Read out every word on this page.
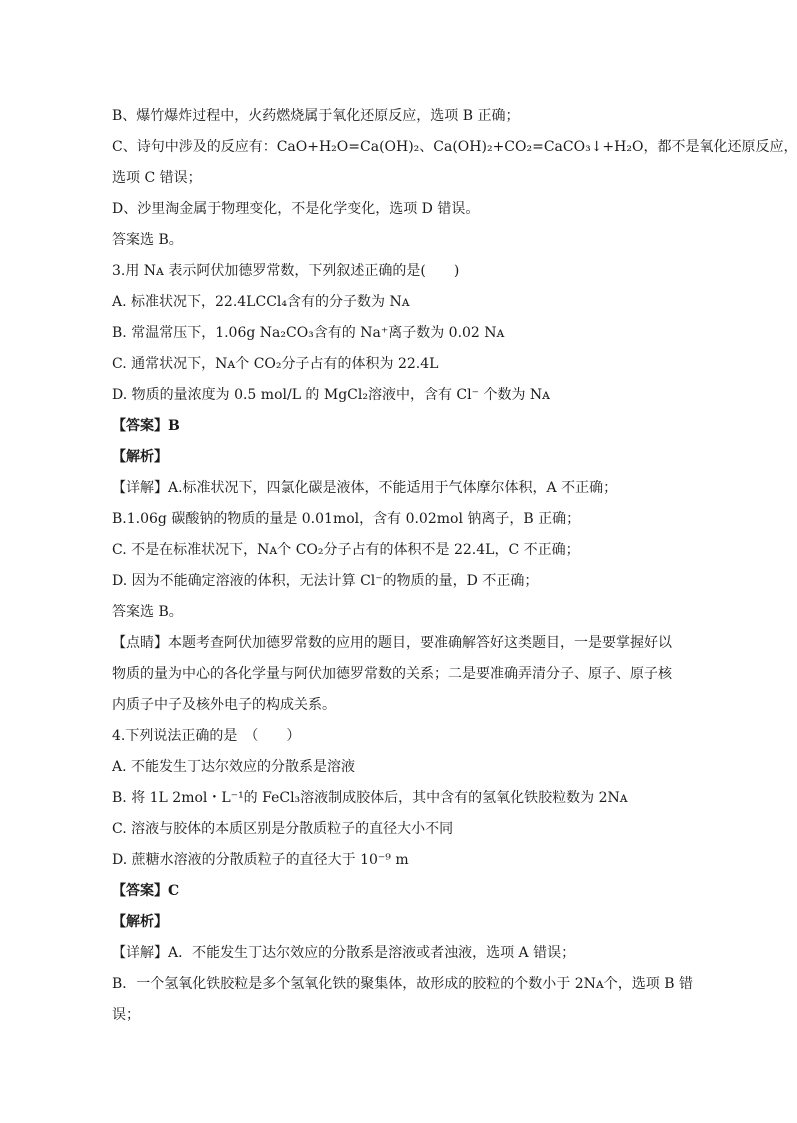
B、爆竹爆炸过程中，火药燃烧属于氧化还原反应，选项 B 正确；
C、诗句中涉及的反应有：CaO+H₂O=Ca(OH)₂、Ca(OH)₂+CO₂=CaCO₃↓+H₂O，都不是氧化还原反应，
选项 C 错误；
D、沙里淘金属于物理变化，不是化学变化，选项 D 错误。
答案选 B。
3.用 Nᴀ 表示阿伏加德罗常数，下列叙述正确的是(　　)
A. 标准状况下，22.4LCCl₄含有的分子数为 Nᴀ
B. 常温常压下，1.06g Na₂CO₃含有的 Na⁺离子数为 0.02 Nᴀ
C. 通常状况下，Nᴀ个 CO₂分子占有的体积为 22.4L
D. 物质的量浓度为 0.5 mol/L 的 MgCl₂溶液中，含有 Cl⁻ 个数为 Nᴀ
【答案】B
【解析】
【详解】A.标准状况下，四氯化碳是液体，不能适用于气体摩尔体积，A 不正确；
B.1.06g 碳酸钠的物质的量是 0.01mol，含有 0.02mol 钠离子，B 正确；
C. 不是在标准状况下，Nᴀ个 CO₂分子占有的体积不是 22.4L，C 不正确；
D. 因为不能确定溶液的体积，无法计算 Cl⁻的物质的量，D 不正确；
答案选 B。
【点睛】本题考查阿伏加德罗常数的应用的题目，要准确解答好这类题目，一是要掌握好以
物质的量为中心的各化学量与阿伏加德罗常数的关系；二是要准确弄清分子、原子、原子核
内质子中子及核外电子的构成关系。
4.下列说法正确的是　（　　）
A. 不能发生丁达尔效应的分散系是溶液
B. 将 1L 2mol・L⁻¹的 FeCl₃溶液制成胶体后，其中含有的氢氧化铁胶粒数为 2Nᴀ
C. 溶液与胶体的本质区别是分散质粒子的直径大小不同
D. 蔗糖水溶液的分散质粒子的直径大于 10⁻⁹ m
【答案】C
【解析】
【详解】A．不能发生丁达尔效应的分散系是溶液或者浊液，选项 A 错误；
B．一个氢氧化铁胶粒是多个氢氧化铁的聚集体，故形成的胶粒的个数小于 2Nᴀ个，选项 B 错
误；
